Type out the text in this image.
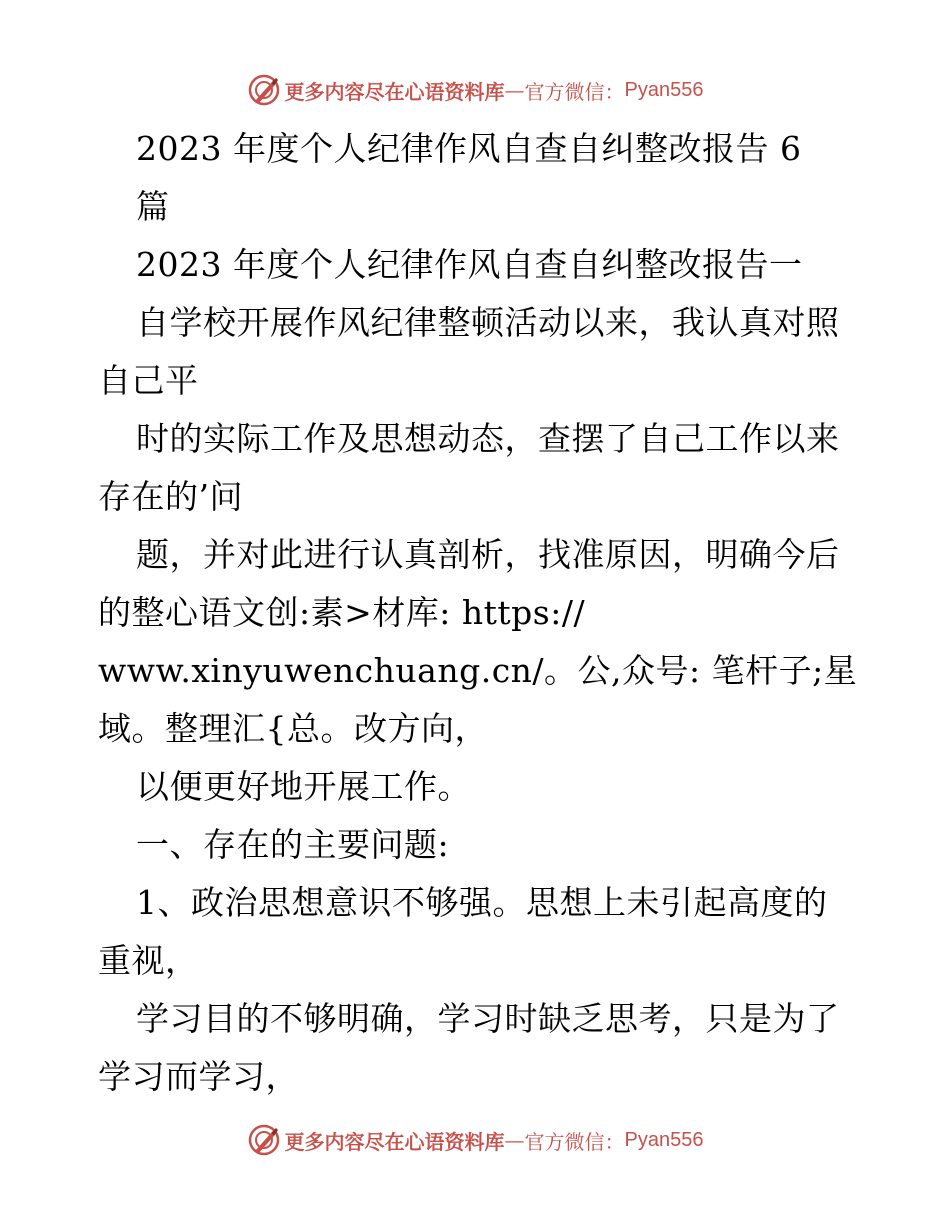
更多内容尽在心语资料库 — 官方微信： Pyan556
2023 年度个人纪律作风自查自纠整改报告 6
篇
2023 年度个人纪律作风自查自纠整改报告一
自学校开展作风纪律整顿活动以来，我认真对照
自己平
时的实际工作及思想动态，查摆了自己工作以来
存在的’问
题，并对此进行认真剖析，找准原因，明确今后
的整心语文创:素>材库: https://
www.xinyuwenchuang.cn/。公,众号: 笔杆子;星
域。整理汇{总。改方向，
以便更好地开展工作。
一、存在的主要问题:
1、政治思想意识不够强。思想上未引起高度的
重视，
学习目的不够明确，学习时缺乏思考，只是为了
学习而学习，
更多内容尽在心语资料库 — 官方微信： Pyan556
